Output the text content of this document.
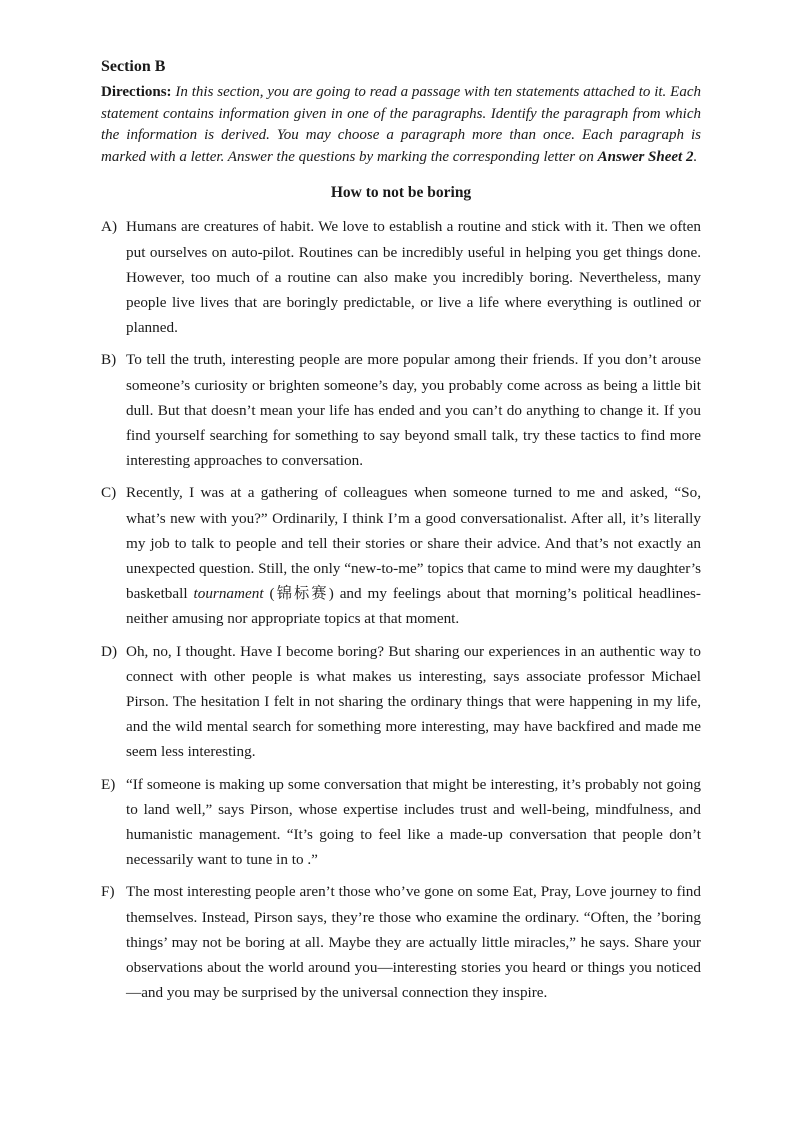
Section B

Directions: In this section, you are going to read a passage with ten statements attached to it. Each statement contains information given in one of the paragraphs. Identify the paragraph from which the information is derived. You may choose a paragraph more than once. Each paragraph is marked with a letter. Answer the questions by marking the corresponding letter on Answer Sheet 2.

How to not be boring
A) Humans are creatures of habit. We love to establish a routine and stick with it. Then we often put ourselves on auto-pilot. Routines can be incredibly useful in helping you get things done. However, too much of a routine can also make you incredibly boring. Nevertheless, many people live lives that are boringly predictable, or live a life where everything is outlined or planned.
B) To tell the truth, interesting people are more popular among their friends. If you don’t arouse someone’s curiosity or brighten someone’s day, you probably come across as being a little bit dull. But that doesn’t mean your life has ended and you can’t do anything to change it. If you find yourself searching for something to say beyond small talk, try these tactics to find more interesting approaches to conversation.
C) Recently, I was at a gathering of colleagues when someone turned to me and asked, “So, what’s new with you?” Ordinarily, I think I’m a good conversationalist. After all, it’s literally my job to talk to people and tell their stories or share their advice. And that’s not exactly an unexpected question. Still, the only “new-to-me” topics that came to mind were my daughter’s basketball tournament (锦标赛) and my feelings about that morning’s political headlines- neither amusing nor appropriate topics at that moment.
D) Oh, no, I thought. Have I become boring? But sharing our experiences in an authentic way to connect with other people is what makes us interesting, says associate professor Michael Pirson. The hesitation I felt in not sharing the ordinary things that were happening in my life, and the wild mental search for something more interesting, may have backfired and made me seem less interesting.
E) “If someone is making up some conversation that might be interesting, it’s probably not going to land well,” says Pirson, whose expertise includes trust and well-being, mindfulness, and humanistic management. “It’s going to feel like a made-up conversation that people don’t necessarily want to tune in to .”
F) The most interesting people aren’t those who’ve gone on some Eat, Pray, Love journey to find themselves. Instead, Pirson says, they’re those who examine the ordinary. “Often, the ’boring things’ may not be boring at all. Maybe they are actually little miracles,” he says. Share your observations about the world around you—interesting stories you heard or things you noticed—and you may be surprised by the universal connection they inspire.
